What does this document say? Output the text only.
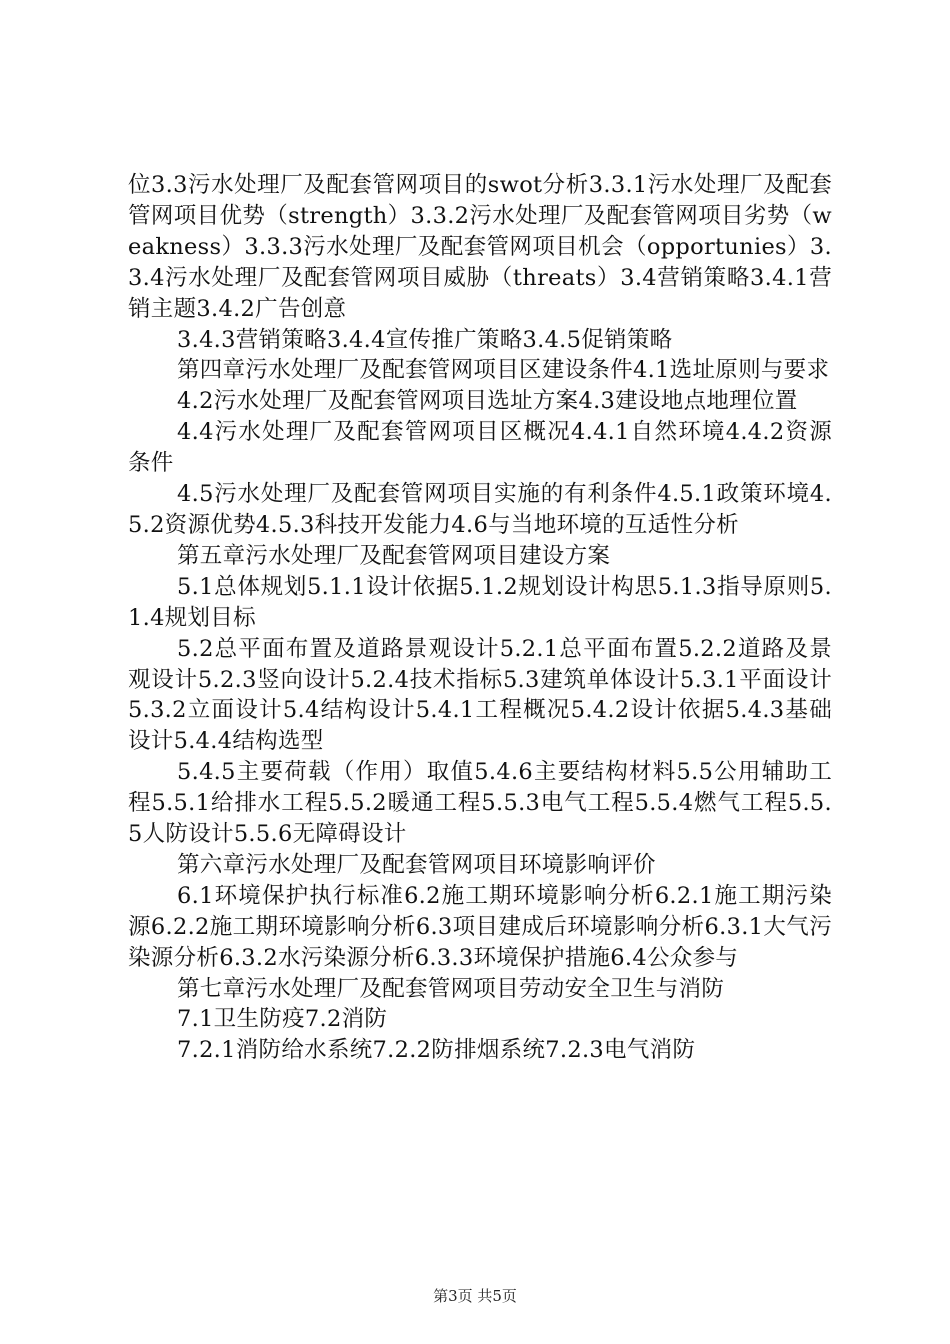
位3.3污水处理厂及配套管网项目的swot分析3.3.1污水处理厂及配套管网项目优势（strength）3.3.2污水处理厂及配套管网项目劣势（weakness）3.3.3污水处理厂及配套管网项目机会（opportunies）3.3.4污水处理厂及配套管网项目威胁（threats）3.4营销策略3.4.1营销主题3.4.2广告创意

3.4.3营销策略3.4.4宣传推广策略3.4.5促销策略

第四章污水处理厂及配套管网项目区建设条件4.1选址原则与要求

4.2污水处理厂及配套管网项目选址方案4.3建设地点地理位置

4.4污水处理厂及配套管网项目区概况4.4.1自然环境4.4.2资源条件

4.5污水处理厂及配套管网项目实施的有利条件4.5.1政策环境4.5.2资源优势4.5.3科技开发能力4.6与当地环境的互适性分析

第五章污水处理厂及配套管网项目建设方案

5.1总体规划5.1.1设计依据5.1.2规划设计构思5.1.3指导原则5.1.4规划目标

5.2总平面布置及道路景观设计5.2.1总平面布置5.2.2道路及景观设计5.2.3竖向设计5.2.4技术指标5.3建筑单体设计5.3.1平面设计5.3.2立面设计5.4结构设计5.4.1工程概况5.4.2设计依据5.4.3基础设计5.4.4结构选型

5.4.5主要荷载（作用）取值5.4.6主要结构材料5.5公用辅助工程5.5.1给排水工程5.5.2暖通工程5.5.3电气工程5.5.4燃气工程5.5.5人防设计5.5.6无障碍设计

第六章污水处理厂及配套管网项目环境影响评价

6.1环境保护执行标准6.2施工期环境影响分析6.2.1施工期污染源6.2.2施工期环境影响分析6.3项目建成后环境影响分析6.3.1大气污染源分析6.3.2水污染源分析6.3.3环境保护措施6.4公众参与

第七章污水处理厂及配套管网项目劳动安全卫生与消防

7.1卫生防疫7.2消防

7.2.1消防给水系统7.2.2防排烟系统7.2.3电气消防

第3页 共5页
